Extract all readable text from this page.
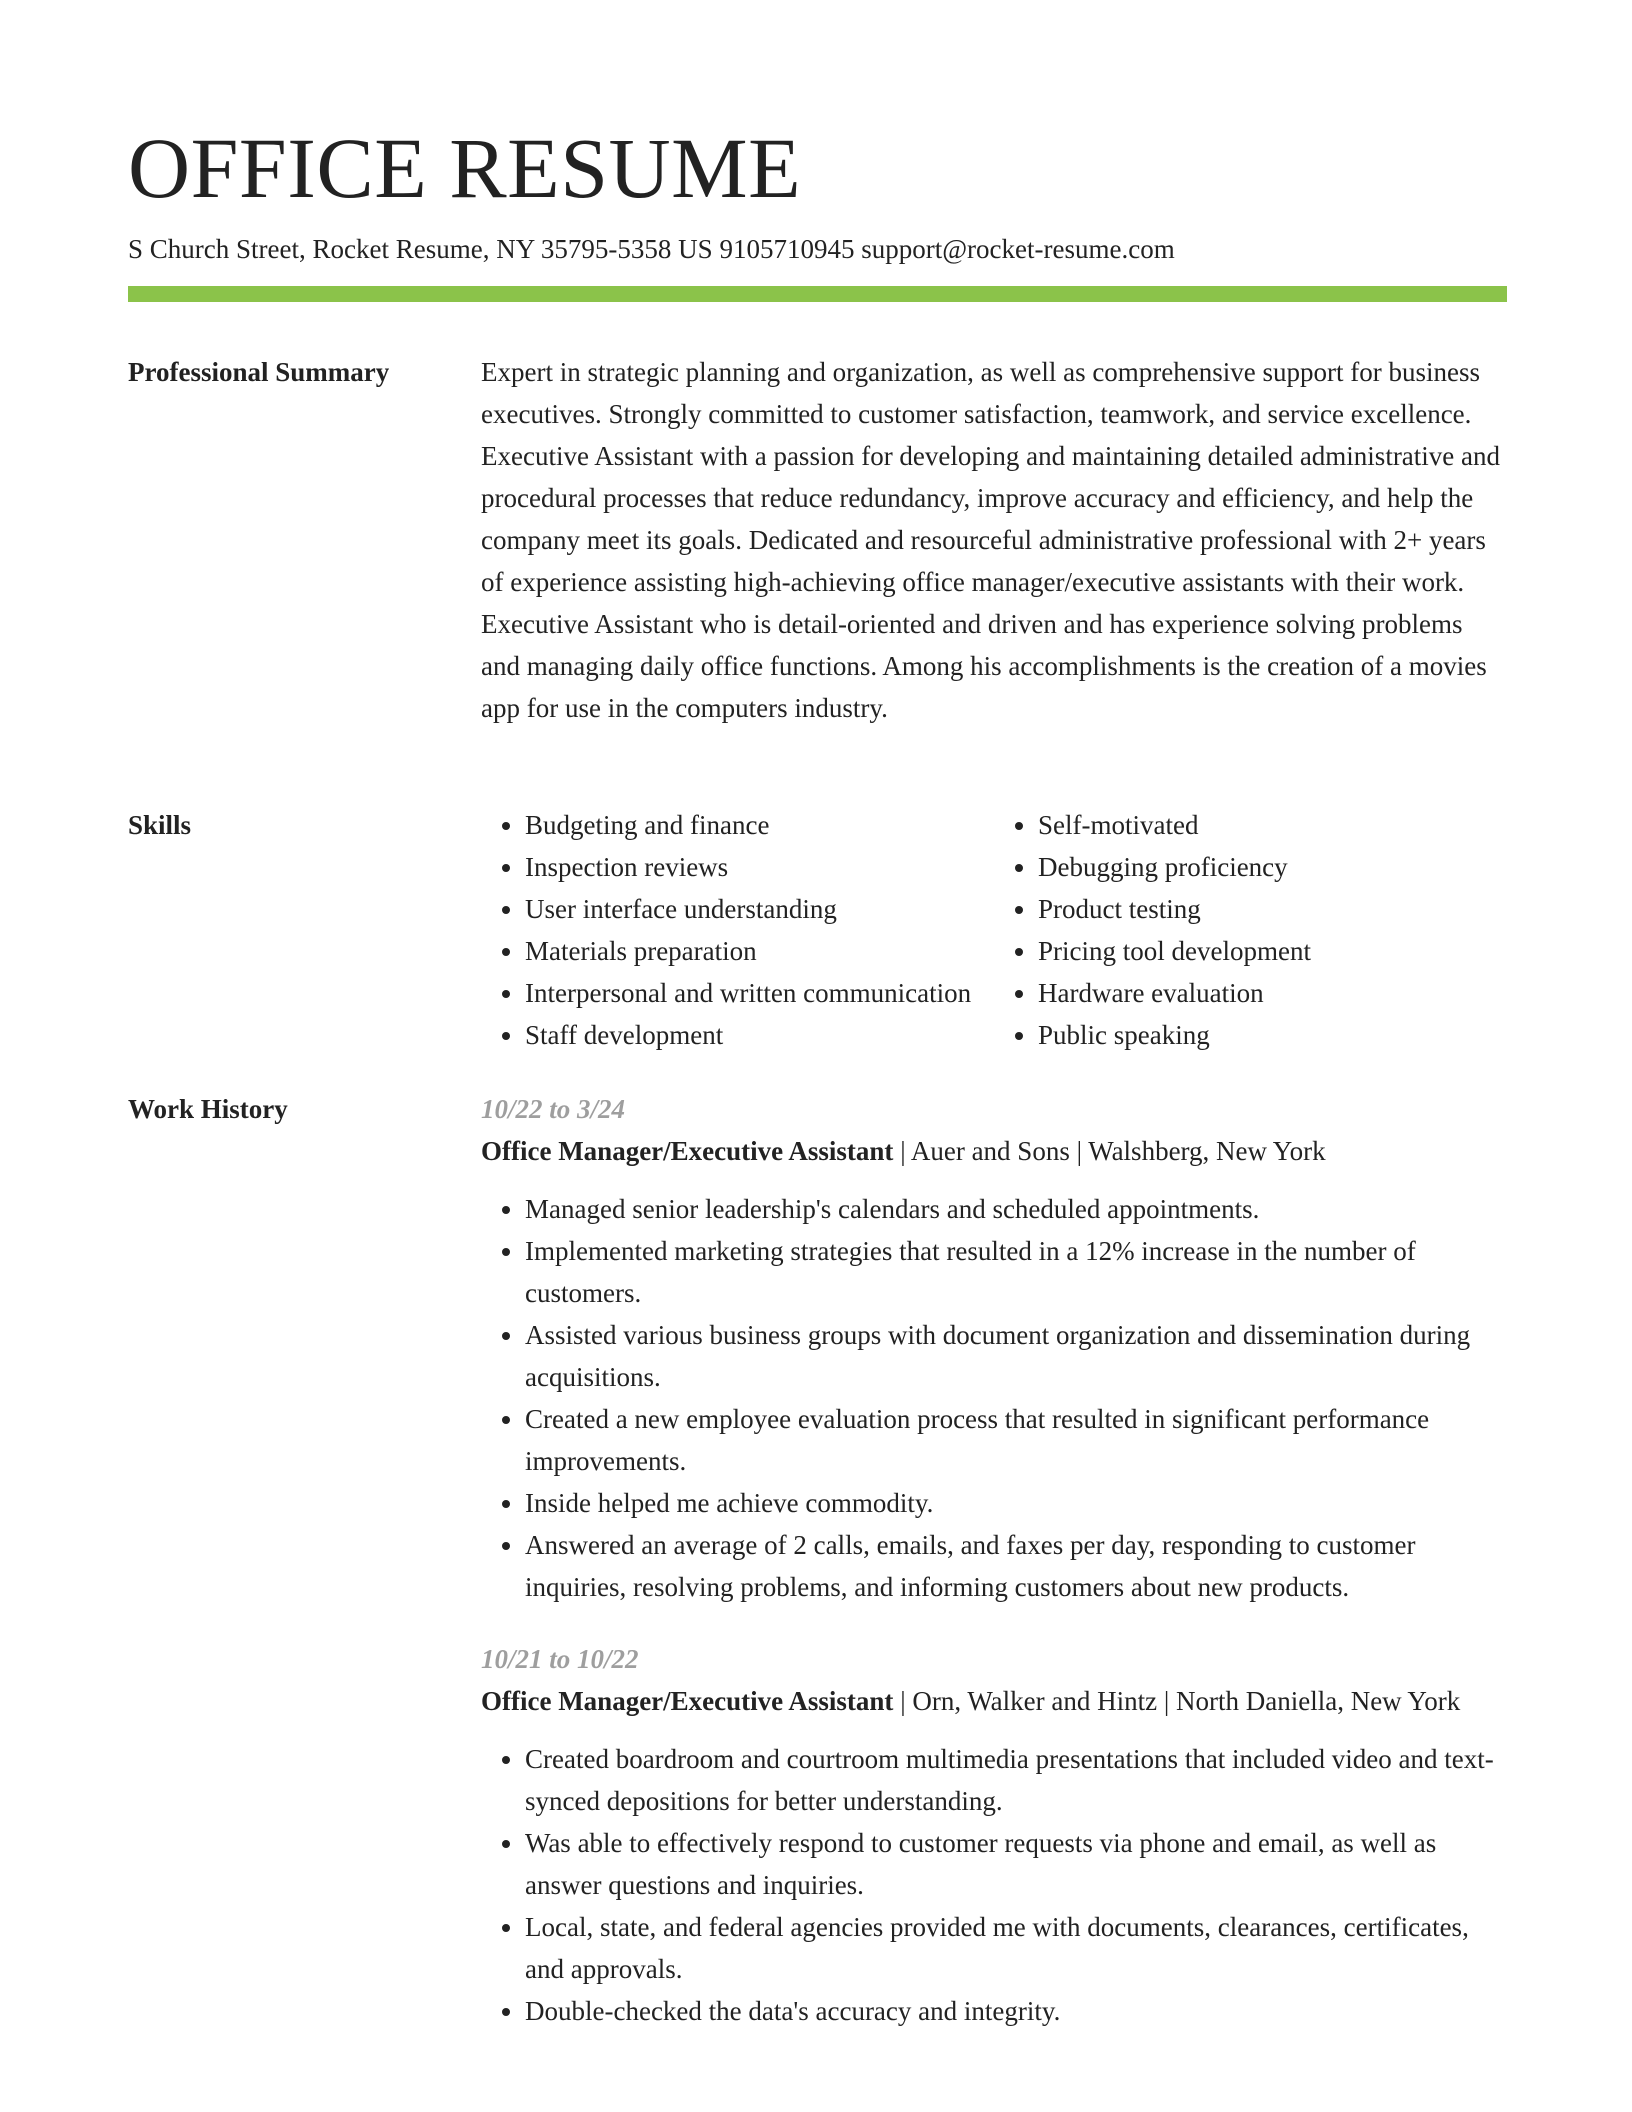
OFFICE RESUME
S Church Street, Rocket Resume, NY 35795-5358 US 9105710945 support@rocket-resume.com
Professional Summary	Expert in strategic planning and organization, as well as comprehensive support for business executives. Strongly committed to customer satisfaction, teamwork, and service excellence. Executive Assistant with a passion for developing and maintaining detailed administrative and procedural processes that reduce redundancy, improve accuracy and efficiency, and help the company meet its goals. Dedicated and resourceful administrative professional with 2+ years of experience assisting high-achieving office manager/executive assistants with their work. Executive Assistant who is detail-oriented and driven and has experience solving problems and managing daily office functions. Among his accomplishments is the creation of a movies app for use in the computers industry.

Skills
•	Budgeting and finance
• Inspection reviews
• User interface understanding
• Materials preparation
• Interpersonal and written communication
• Staff development
• Self-motivated
• Debugging proficiency
• Product testing
• Pricing tool development
• Hardware evaluation
• Public speaking
Work History	10/22 to 3/24
Office Manager/Executive Assistant | Auer and Sons | Walshberg, New York
• Managed senior leadership's calendars and scheduled appointments.
• Implemented marketing strategies that resulted in a 12% increase in the number of customers.
• Assisted various business groups with document organization and dissemination during acquisitions.
• Created a new employee evaluation process that resulted in significant performance improvements.
• Inside helped me achieve commodity.
• Answered an average of 2 calls, emails, and faxes per day, responding to customer inquiries, resolving problems, and informing customers about new products.
10/21 to 10/22
Office Manager/Executive Assistant | Orn, Walker and Hintz | North Daniella, New York
• Created boardroom and courtroom multimedia presentations that included video and text-synced depositions for better understanding.
• Was able to effectively respond to customer requests via phone and email, as well as answer questions and inquiries.
• Local, state, and federal agencies provided me with documents, clearances, certificates, and approvals.
• Double-checked the data's accuracy and integrity.
